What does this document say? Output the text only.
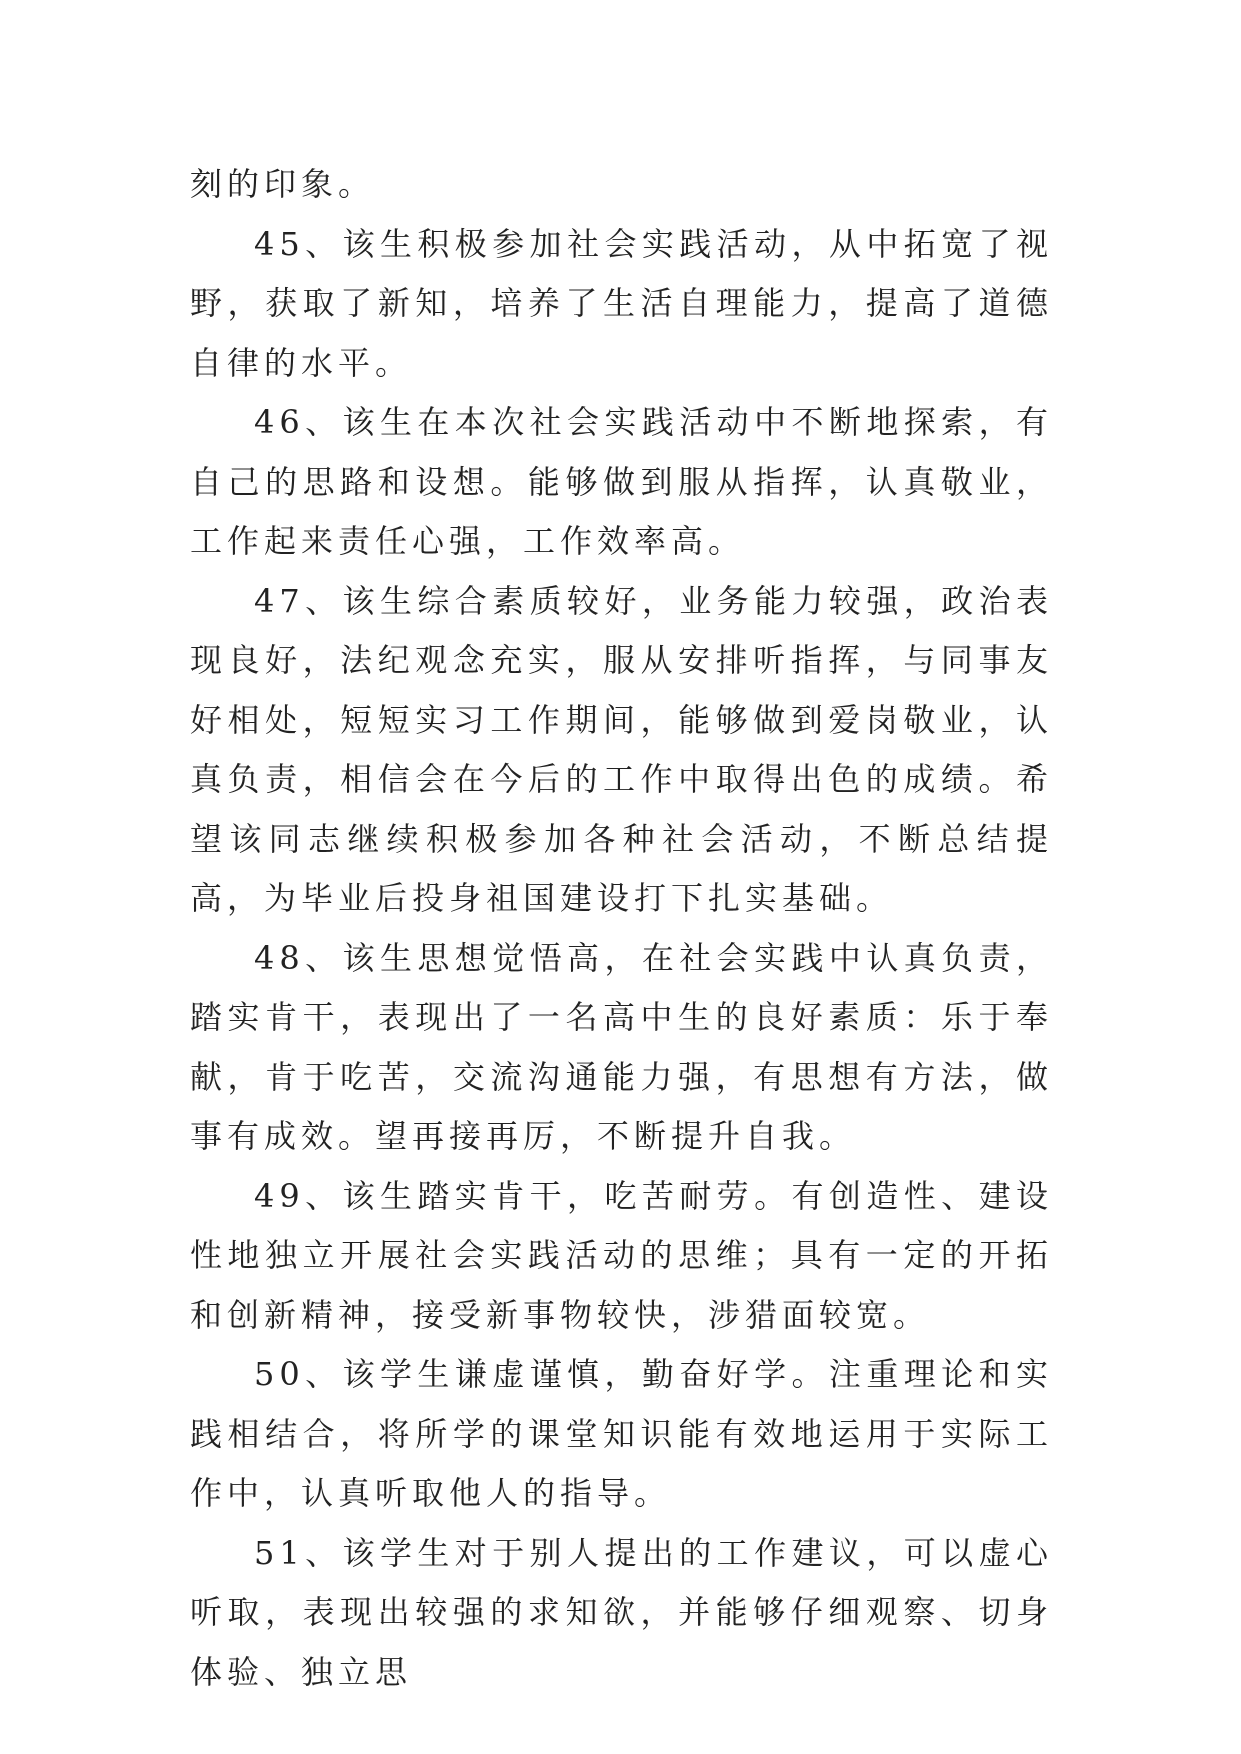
刻的印象。

45、该生积极参加社会实践活动，从中拓宽了视野，获取了新知，培养了生活自理能力，提高了道德自律的水平。

46、该生在本次社会实践活动中不断地探索，有自己的思路和设想。能够做到服从指挥，认真敬业，工作起来责任心强，工作效率高。

47、该生综合素质较好，业务能力较强，政治表现良好，法纪观念充实，服从安排听指挥，与同事友好相处，短短实习工作期间，能够做到爱岗敬业，认真负责，相信会在今后的工作中取得出色的成绩。希望该同志继续积极参加各种社会活动，不断总结提高，为毕业后投身祖国建设打下扎实基础。

48、该生思想觉悟高，在社会实践中认真负责，踏实肯干，表现出了一名高中生的良好素质：乐于奉献，肯于吃苦，交流沟通能力强，有思想有方法，做事有成效。望再接再厉，不断提升自我。

49、该生踏实肯干，吃苦耐劳。有创造性、建设性地独立开展社会实践活动的思维；具有一定的开拓和创新精神，接受新事物较快，涉猎面较宽。

50、该学生谦虚谨慎，勤奋好学。注重理论和实践相结合，将所学的课堂知识能有效地运用于实际工作中，认真听取他人的指导。

51、该学生对于别人提出的工作建议，可以虚心听取，表现出较强的求知欲，并能够仔细观察、切身体验、独立思
